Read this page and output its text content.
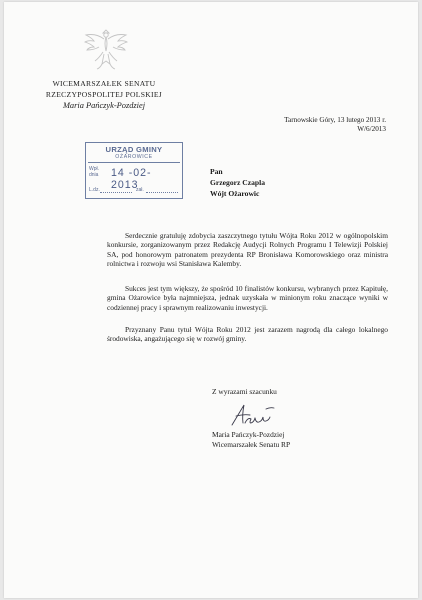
WICEMARSZAŁEK SENATU
RZECZYPOSPOLITEJ POLSKIEJ
Maria Pańczyk-Pozdziej
Tarnowskie Góry, 13 lutego 2013 r.
W/6/2013
URZĄD GMINY
OŻAROWICE
Wpł. dnia	14 -02- 2013
L.dz.	zał.
Pan
Grzegorz Czapla
Wójt Ożarowic
Serdecznie gratuluję zdobycia zaszczytnego tytułu Wójta Roku 2012 w ogólnopolskim konkursie, zorganizowanym przez Redakcję Audycji Rolnych Programu I Telewizji Polskiej SA, pod honorowym patronatem prezydenta RP Bronisława Komorowskiego oraz ministra rolnictwa i rozwoju wsi Stanisława Kalemby.
Sukces jest tym większy, że spośród 10 finalistów konkursu, wybranych przez Kapitułę, gmina Ożarowice była najmniejsza, jednak uzyskała w minionym roku znaczące wyniki w codziennej pracy i sprawnym realizowaniu inwestycji.
Przyznany Panu tytuł Wójta Roku 2012 jest zarazem nagrodą dla całego lokalnego środowiska, angażującego się w rozwój gminy.
Z wyrazami szacunku
Maria Pańczyk-Pozdziej
Wicemarszałek Senatu RP
